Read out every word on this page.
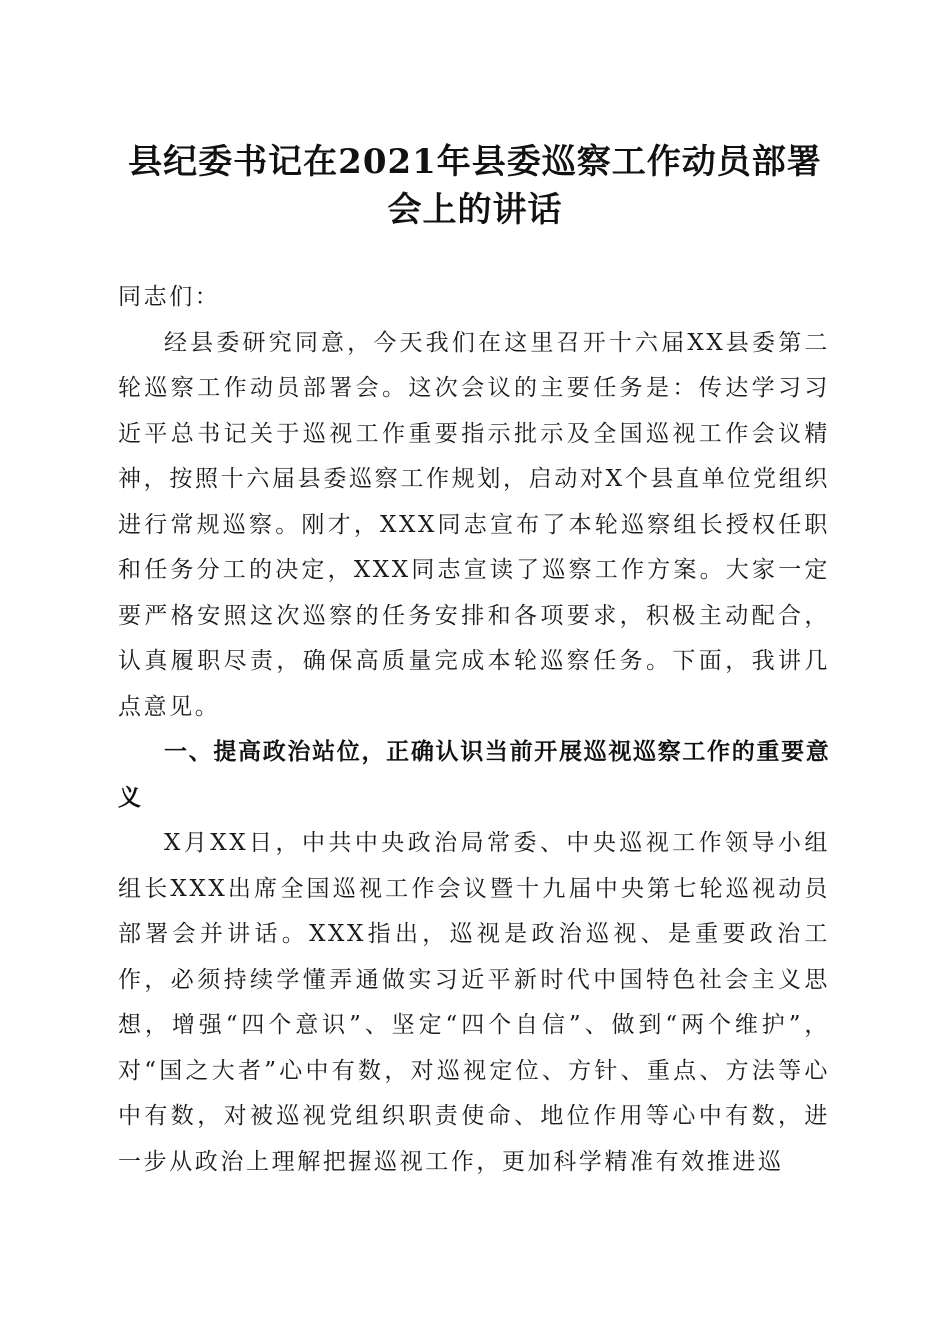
县纪委书记在2021年县委巡察工作动员部署
会上的讲话

同志们：

经县委研究同意，今天我们在这里召开十六届XX县委第二轮巡察工作动员部署会。这次会议的主要任务是：传达学习习近平总书记关于巡视工作重要指示批示及全国巡视工作会议精神，按照十六届县委巡察工作规划，启动对X个县直单位党组织进行常规巡察。刚才，XXX同志宣布了本轮巡察组长授权任职和任务分工的决定，XXX同志宣读了巡察工作方案。大家一定要严格安照这次巡察的任务安排和各项要求，积极主动配合，认真履职尽责，确保高质量完成本轮巡察任务。下面，我讲几点意见。

一、提高政治站位，正确认识当前开展巡视巡察工作的重要意义

X月XX日，中共中央政治局常委、中央巡视工作领导小组组长XXX出席全国巡视工作会议暨十九届中央第七轮巡视动员部署会并讲话。XXX指出，巡视是政治巡视、是重要政治工作，必须持续学懂弄通做实习近平新时代中国特色社会主义思想，增强“四个意识”、坚定“四个自信”、做到“两个维护”，对“国之大者”心中有数，对巡视定位、方针、重点、方法等心中有数，对被巡视党组织职责使命、地位作用等心中有数，进一步从政治上理解把握巡视工作，更加科学精准有效推进巡
